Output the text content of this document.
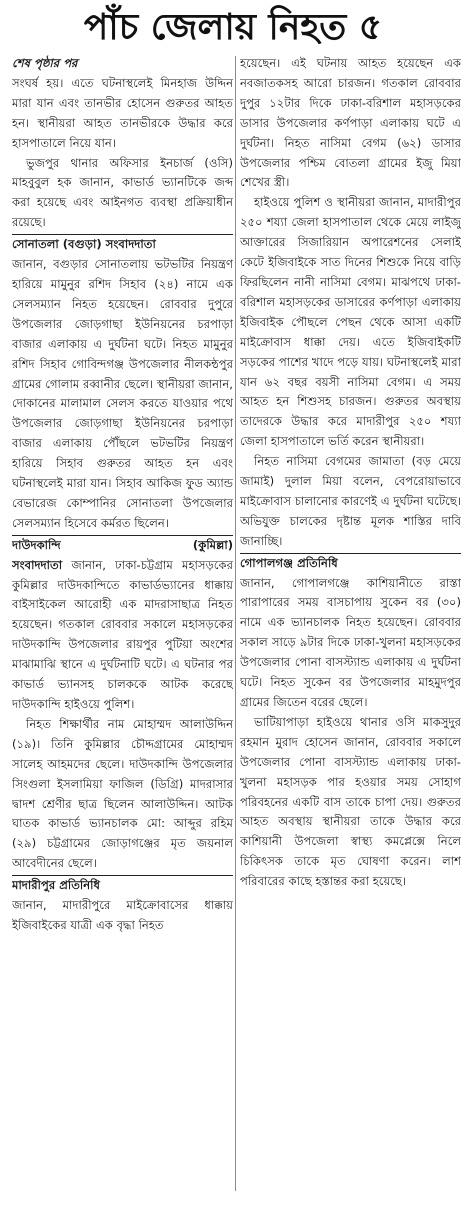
পাঁচ জেলায় নিহত ৫
শেষ পৃষ্ঠার পর

সংঘর্ষ হয়। এতে ঘটনাস্থলেই মিনহাজ উদ্দিন মারা যান এবং তানভীর হোসেন গুরুতর আহত হন। স্থানীয়রা আহত তানভীরকে উদ্ধার করে হাসপাতালে নিয়ে যান।

ভুজপুর থানার অফিসার ইনচার্জ (ওসি) মাহবুবুল হক জানান, কাভার্ড ভ্যানটিকে জব্দ করা হয়েছে এবং আইনগত ব্যবস্থা প্রক্রিয়াধীন রয়েছে।

সোনাতলা (বগুড়া) সংবাদদাতা

জানান, বগুড়ার সোনাতলায় ভটভটির নিয়ন্ত্রণ হারিয়ে মামুনুর রশিদ সিহাব (২৪) নামে এক সেলসম্যান নিহত হয়েছেন। রোববার দুপুরে উপজেলার জোড়গাছা ইউনিয়নের চরপাড়া বাজার এলাকায় এ দুর্ঘটনা ঘটে। নিহত মামুনুর রশিদ সিহাব গোবিন্দগঞ্জ উপজেলার নীলকন্ঠপুর গ্রামের গোলাম রব্বানীর ছেলে। স্থানীয়রা জানান, দোকানের মালামাল সেলস করতে যাওয়ার পথে উপজেলার জোড়গাছা ইউনিয়নের চরপাড়া বাজার এলাকায় পৌঁছলে ভটভটির নিয়ন্ত্রণ হারিয়ে সিহাব গুরুতর আহত হন এবং ঘটনাস্থলেই মারা যান। সিহাব আকিজ ফুড অ্যান্ড বেভারেজ কোম্পানির সোনাতলা উপজেলার সেলসম্যান হিসেবে কর্মরত ছিলেন।

দাউদকান্দি	(কুমিল্লা)

সংবাদদাতা জানান, ঢাকা-চট্টগ্রাম মহাসড়কের কুমিল্লার দাউদকান্দিতে কাভার্ডভ্যানের ধাক্কায় বাইসাইকেল আরোহী এক মাদরাসাছাত্র নিহত হয়েছেন। গতকাল রোববার সকালে মহাসড়কের দাউদকান্দি উপজেলার রায়পুর পুটিয়া অংশের মাঝামাঝি স্থানে এ দুর্ঘটনাটি ঘটে। এ ঘটনার পর কাভার্ড ভ্যানসহ চালককে আটক করেছে দাউদকান্দি হাইওয়ে পুলিশ।

নিহত শিক্ষার্থীর নাম মোহাম্মদ আলাউদ্দিন (১৯)। তিনি কুমিল্লার চৌদ্দগ্রামের মোহাম্মদ সালেহ আহমদের ছেলে। দাউদকান্দি উপজেলার সিংগুলা ইসলামিয়া ফাজিল (ডিগ্রি) মাদরাসার দ্বাদশ শ্রেণীর ছাত্র ছিলেন আলাউদ্দিন। আটক ঘাতক কাভার্ড ভ্যানচালক মো: আব্দুর রহিম (২৯) চট্টগ্রামের জোড়াগঞ্জের মৃত জয়নাল আবেদীনের ছেলে।

মাদারীপুর প্রতিনিধি

জানান, মাদারীপুরে মাইক্রোবাসের ধাক্কায় ইজিবাইকের যাত্রী এক বৃদ্ধা নিহত

হয়েছেন। এই ঘটনায় আহত হয়েছেন এক নবজাতকসহ আরো চারজন। গতকাল রোববার দুপুর ১২টার দিকে ঢাকা-বরিশাল মহাসড়কের ডাসার উপজেলার কর্ণপাড়া এলাকায় ঘটে এ দুর্ঘটনা। নিহত নাসিমা বেগম (৬২) ডাসার উপজেলার পশ্চিম বোতলা গ্রামের ইজু মিয়া শেখের স্ত্রী।

হাইওয়ে পুলিশ ও স্থানীয়রা জানান, মাদারীপুর ২৫০ শয্যা জেলা হাসপাতাল থেকে মেয়ে লাইজু আক্তারের সিজারিয়ান অপারেশনের সেলাই কেটে ইজিবাইকে সাত দিনের শিশুকে নিয়ে বাড়ি ফিরছিলেন নানী নাসিমা বেগম। মাঝপথে ঢাকা-বরিশাল মহাসড়কের ডাসারের কর্ণপাড়া এলাকায় ইজিবাইক পৌছলে পেছন থেকে আসা একটি মাইক্রোবাস ধাক্কা দেয়। এতে ইজিবাইকটি সড়কের পাশের খাদে পড়ে যায়। ঘটনাস্থলেই মারা যান ৬২ বছর বয়সী নাসিমা বেগম। এ সময় আহত হন শিশুসহ চারজন। গুরুতর অবস্থায় তাদেরকে উদ্ধার করে মাদারীপুর ২৫০ শয্যা জেলা হাসপাতালে ভর্তি করেন স্থানীয়রা।

নিহত নাসিমা বেগমের জামাতা (বড় মেয়ে জামাই) দুলাল মিয়া বলেন, বেপরোয়াভাবে মাইক্রোবাস চালানোর কারণেই এ দুর্ঘটনা ঘটেছে। অভিযুক্ত চালকের দৃষ্টান্ত মূলক শাস্তির দাবি জানাচ্ছি।

গোপালগঞ্জ প্রতিনিধি

জানান, গোপালগঞ্জে কাশিয়ানীতে রাস্তা পারাপারের সময় বাসচাপায় সুকেন বর (৩০) নামে এক ভ্যানচালক নিহত হয়েছেন। রোববার সকাল সাড়ে ৯টার দিকে ঢাকা-খুলনা মহাসড়কের উপজেলার পোনা বাসস্ট্যান্ড এলাকায় এ দুর্ঘটনা ঘটে। নিহত সুকেন বর উপজেলার মাহমুদপুর গ্রামের জিতেন বরের ছেলে।

ভাটিয়াপাড়া হাইওয়ে থানার ওসি মাকসুদুর রহমান মুরাদ হোসেন জানান, রোববার সকালে উপজেলার পোনা বাসস্ট্যান্ড এলাকায় ঢাকা-খুলনা মহাসড়ক পার হওয়ার সময় সোহাগ পরিবহনের একটি বাস তাকে চাপা দেয়। গুরুতর আহত অবস্থায় স্থানীয়রা তাকে উদ্ধার করে কাশিয়ানী উপজেলা স্বাস্থ্য কমপ্লেক্সে নিলে চিকিৎসক তাকে মৃত ঘোষণা করেন। লাশ পরিবারের কাছে হস্তান্তর করা হয়েছে।
